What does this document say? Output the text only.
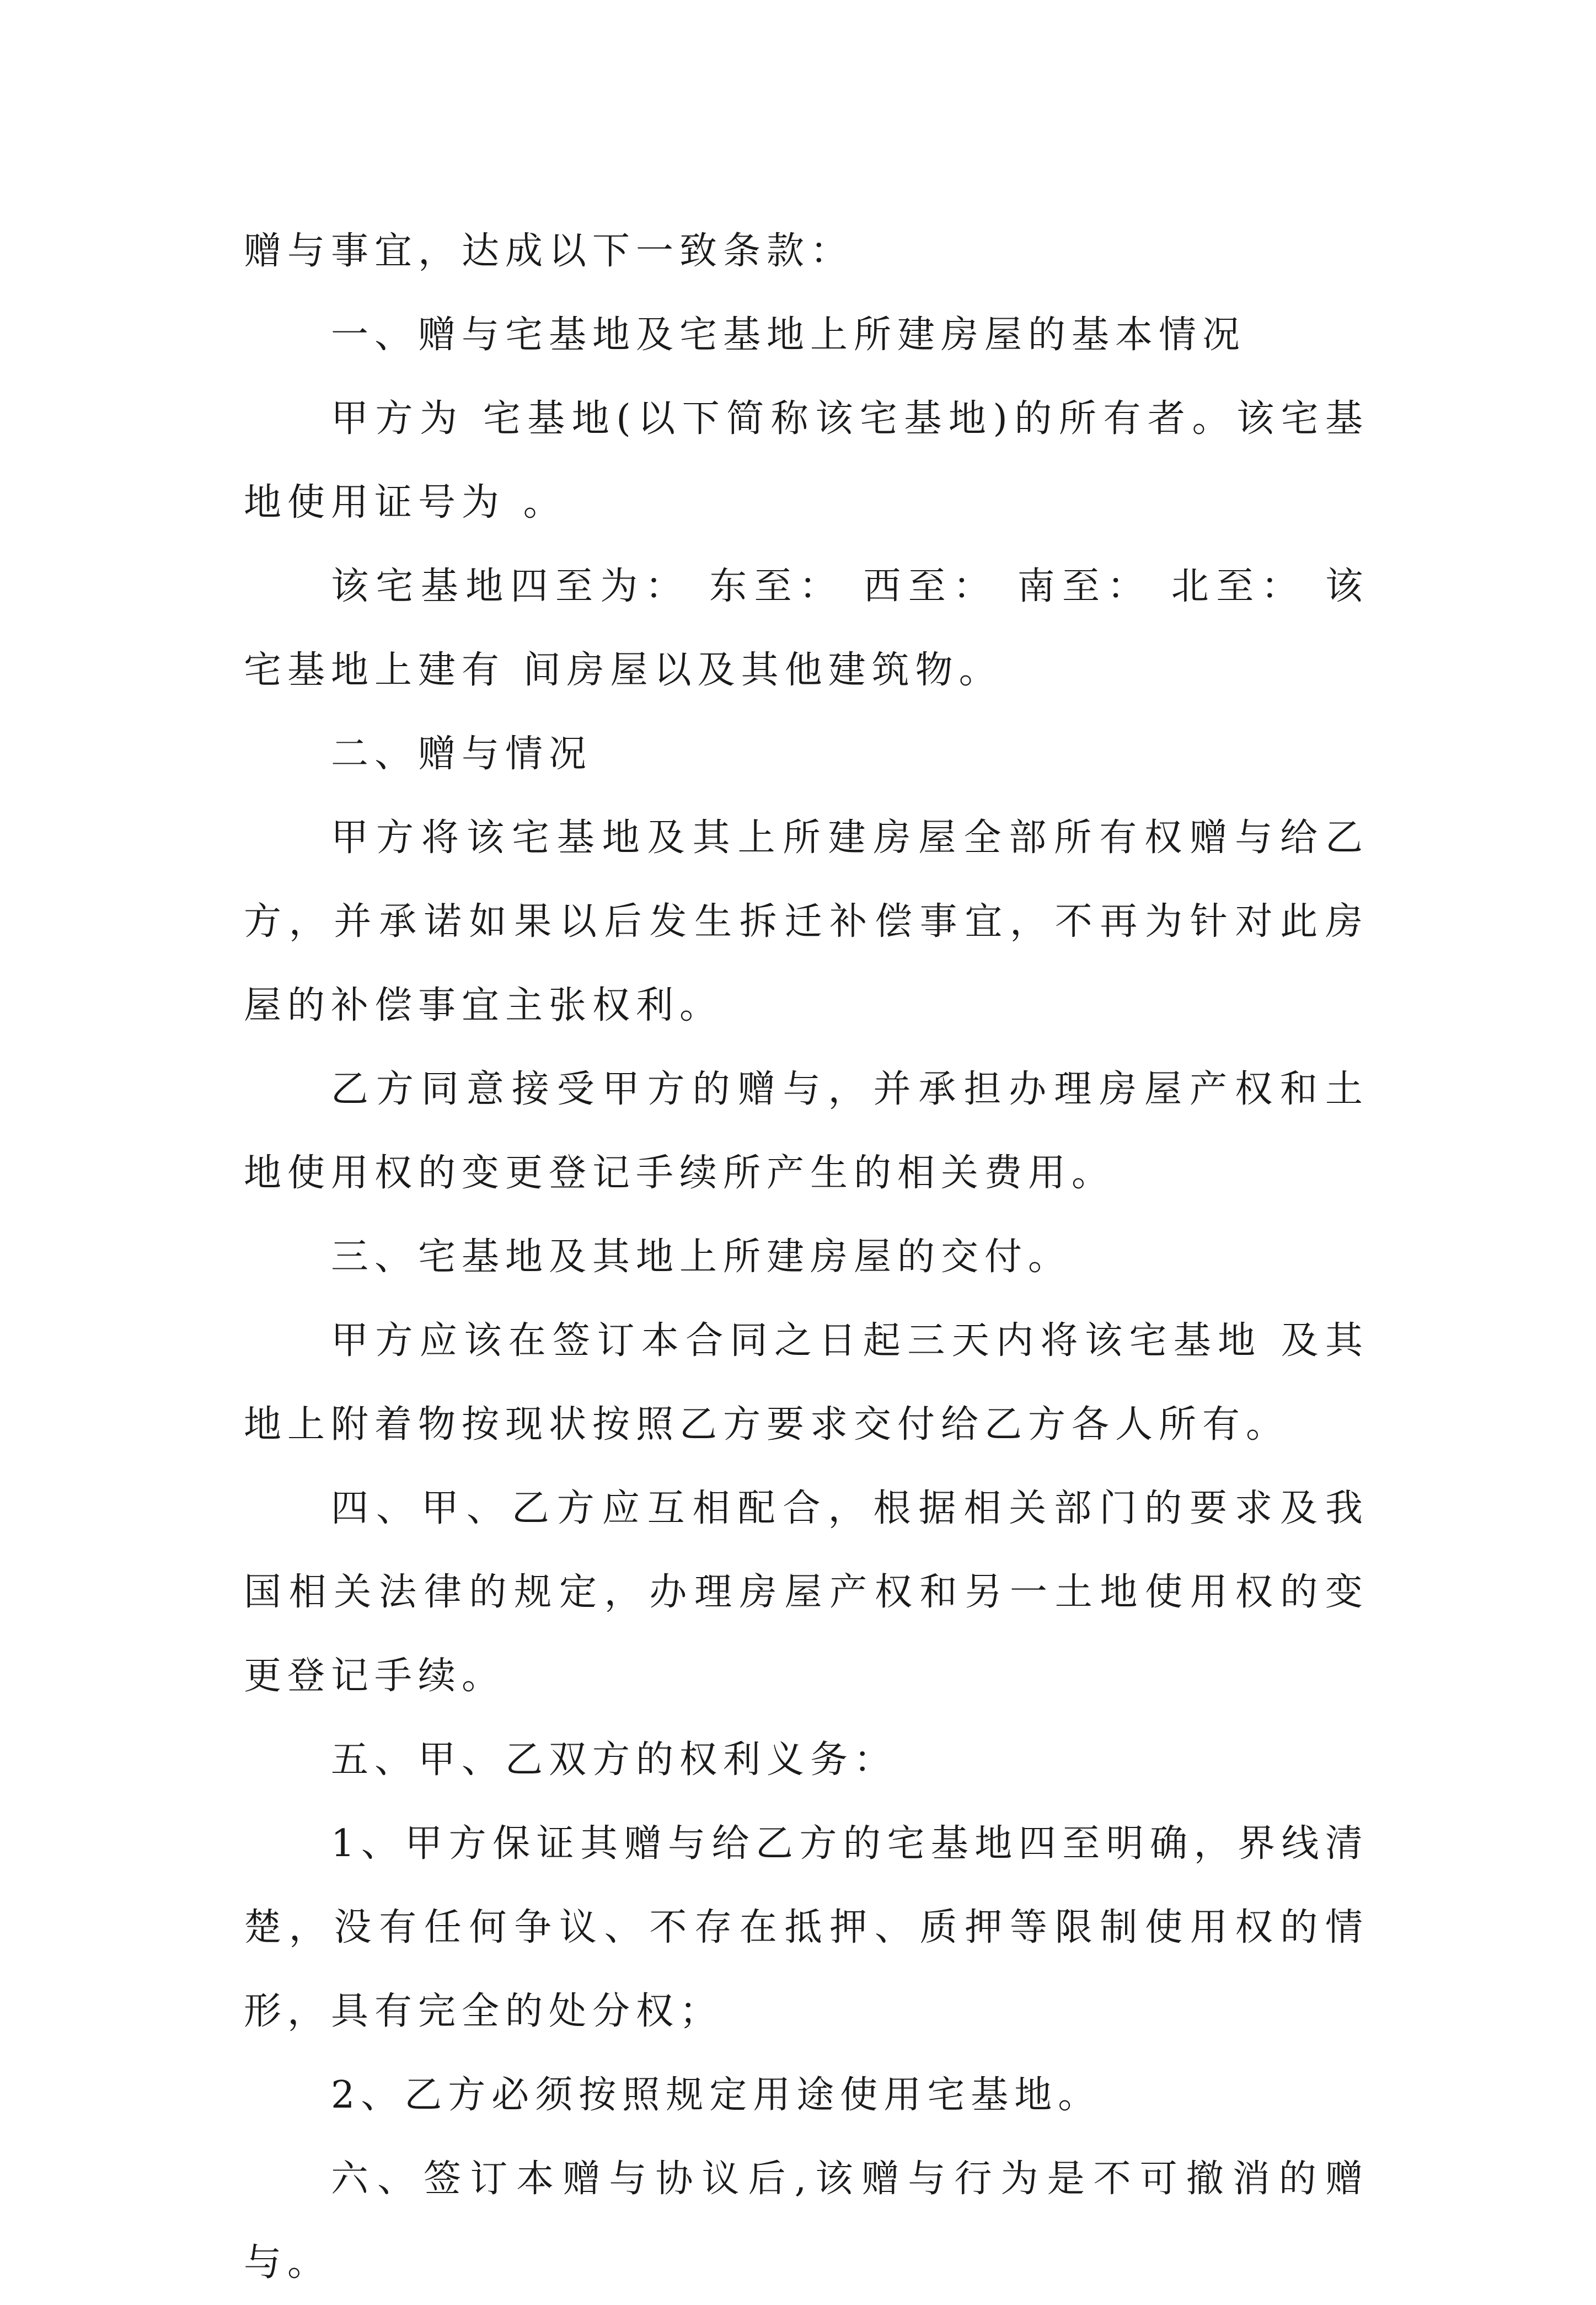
赠与事宜，达成以下一致条款：

一、赠与宅基地及宅基地上所建房屋的基本情况

甲方为 宅基地(以下简称该宅基地)的所有者。该宅基地使用证号为 。

该宅基地四至为： 东至： 西至： 南至： 北至： 该宅基地上建有 间房屋以及其他建筑物。

二、赠与情况

甲方将该宅基地及其上所建房屋全部所有权赠与给乙方，并承诺如果以后发生拆迁补偿事宜，不再为针对此房屋的补偿事宜主张权利。

乙方同意接受甲方的赠与，并承担办理房屋产权和土地使用权的变更登记手续所产生的相关费用。

三、宅基地及其地上所建房屋的交付。

甲方应该在签订本合同之日起三天内将该宅基地 及其地上附着物按现状按照乙方要求交付给乙方各人所有。

四、甲、乙方应互相配合，根据相关部门的要求及我国相关法律的规定，办理房屋产权和另一土地使用权的变更登记手续。

五、甲、乙双方的权利义务：

1、甲方保证其赠与给乙方的宅基地四至明确，界线清楚，没有任何争议、不存在抵押、质押等限制使用权的情形，具有完全的处分权；

2、乙方必须按照规定用途使用宅基地。

六、签订本赠与协议后,该赠与行为是不可撤消的赠与。
